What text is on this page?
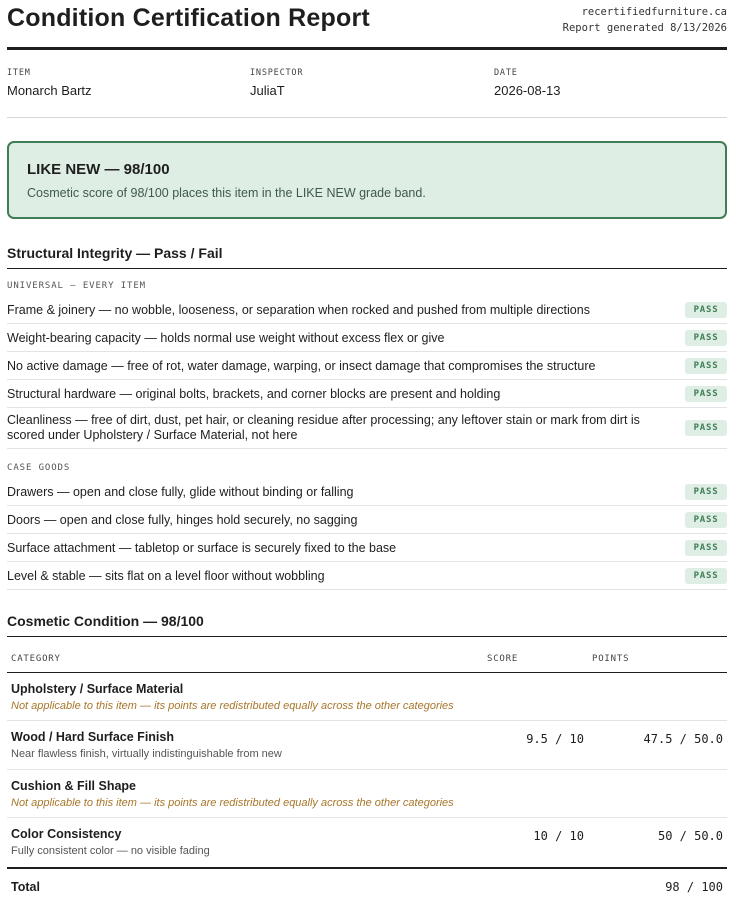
Condition Certification Report	recertifiedfurniture.ca
Report generated 8/13/2026
ITEM
Monarch Bartz
INSPECTOR
JuliaT
DATE
2026-08-13
LIKE NEW — 98/100
Cosmetic score of 98/100 places this item in the LIKE NEW grade band.
Structural Integrity — Pass / Fail
UNIVERSAL — EVERY ITEM
Frame & joinery — no wobble, looseness, or separation when rocked and pushed from multiple directions	PASS
Weight-bearing capacity — holds normal use weight without excess flex or give	PASS
No active damage — free of rot, water damage, warping, or insect damage that compromises the structure	PASS
Structural hardware — original bolts, brackets, and corner blocks are present and holding	PASS
Cleanliness — free of dirt, dust, pet hair, or cleaning residue after processing; any leftover stain or mark from dirt is scored under Upholstery / Surface Material, not here	PASS
CASE GOODS
Drawers — open and close fully, glide without binding or falling	PASS
Doors — open and close fully, hinges hold securely, no sagging	PASS
Surface attachment — tabletop or surface is securely fixed to the base	PASS
Level & stable — sits flat on a level floor without wobbling	PASS
Cosmetic Condition — 98/100
CATEGORY	SCORE	POINTS
Upholstery / Surface Material
Not applicable to this item — its points are redistributed equally across the other categories
Wood / Hard Surface Finish
Near flawless finish, virtually indistinguishable from new
9.5 / 10	47.5 / 50.0
Cushion & Fill Shape
Not applicable to this item — its points are redistributed equally across the other categories
Color Consistency
Fully consistent color — no visible fading
10 / 10	50 / 50.0
Total	98 / 100
